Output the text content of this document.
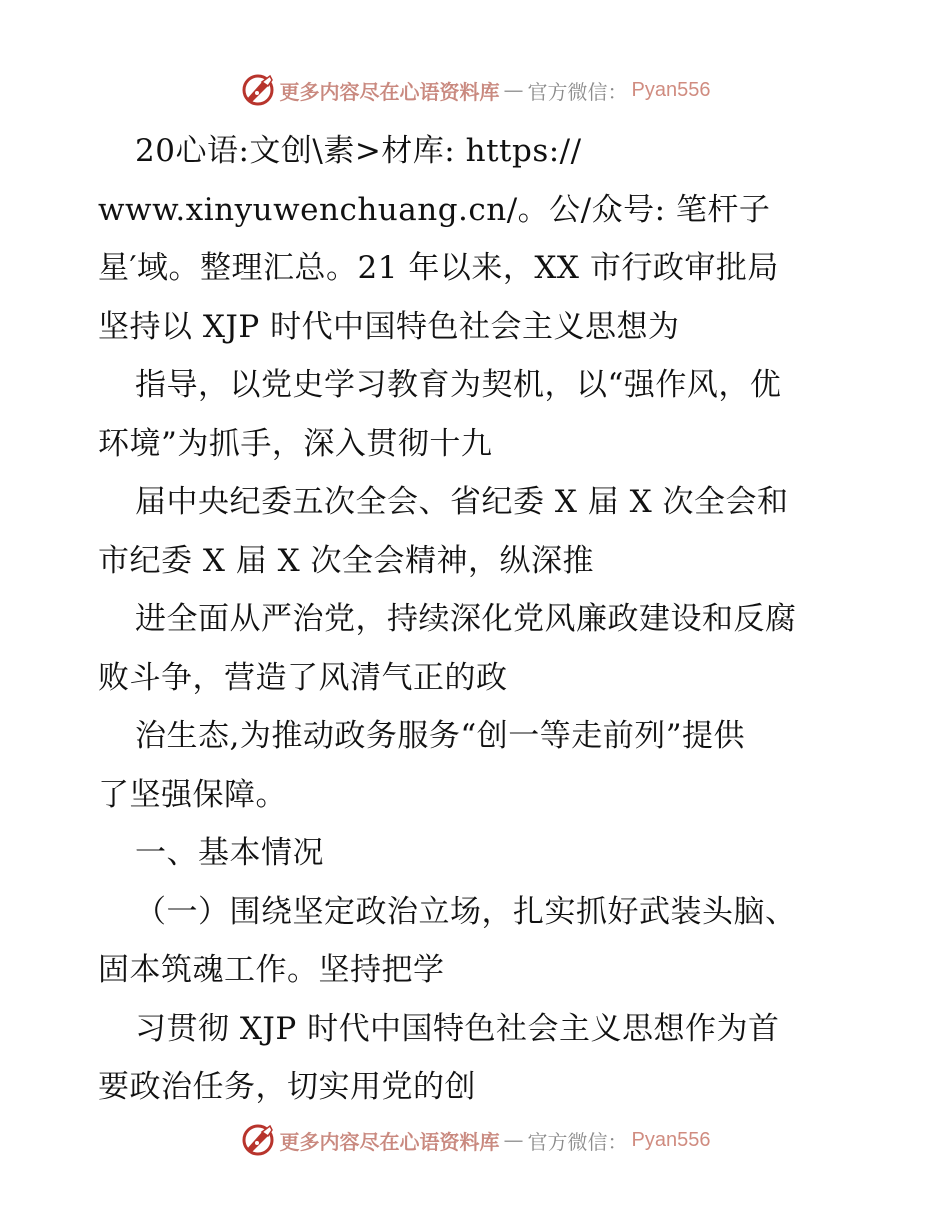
更多内容尽在心语资料库 — 官方微信： Pyan556
20心语:文创\素>材库: https://
www.xinyuwenchuang.cn/。公/众号: 笔杆子
星′域。整理汇总。21 年以来，XX 市行政审批局
坚持以 XJP 时代中国特色社会主义思想为
指导，以党史学习教育为契机，以“强作风，优
环境”为抓手，深入贯彻十九
届中央纪委五次全会、省纪委 X 届 X 次全会和
市纪委 X 届 X 次全会精神，纵深推
进全面从严治党，持续深化党风廉政建设和反腐
败斗争，营造了风清气正的政
治生态,为推动政务服务“创一等走前列”提供
了坚强保障。
一、基本情况
（一）围绕坚定政治立场，扎实抓好武装头脑、
固本筑魂工作。坚持把学
习贯彻 XJP 时代中国特色社会主义思想作为首
要政治任务，切实用党的创
更多内容尽在心语资料库 — 官方微信： Pyan556
